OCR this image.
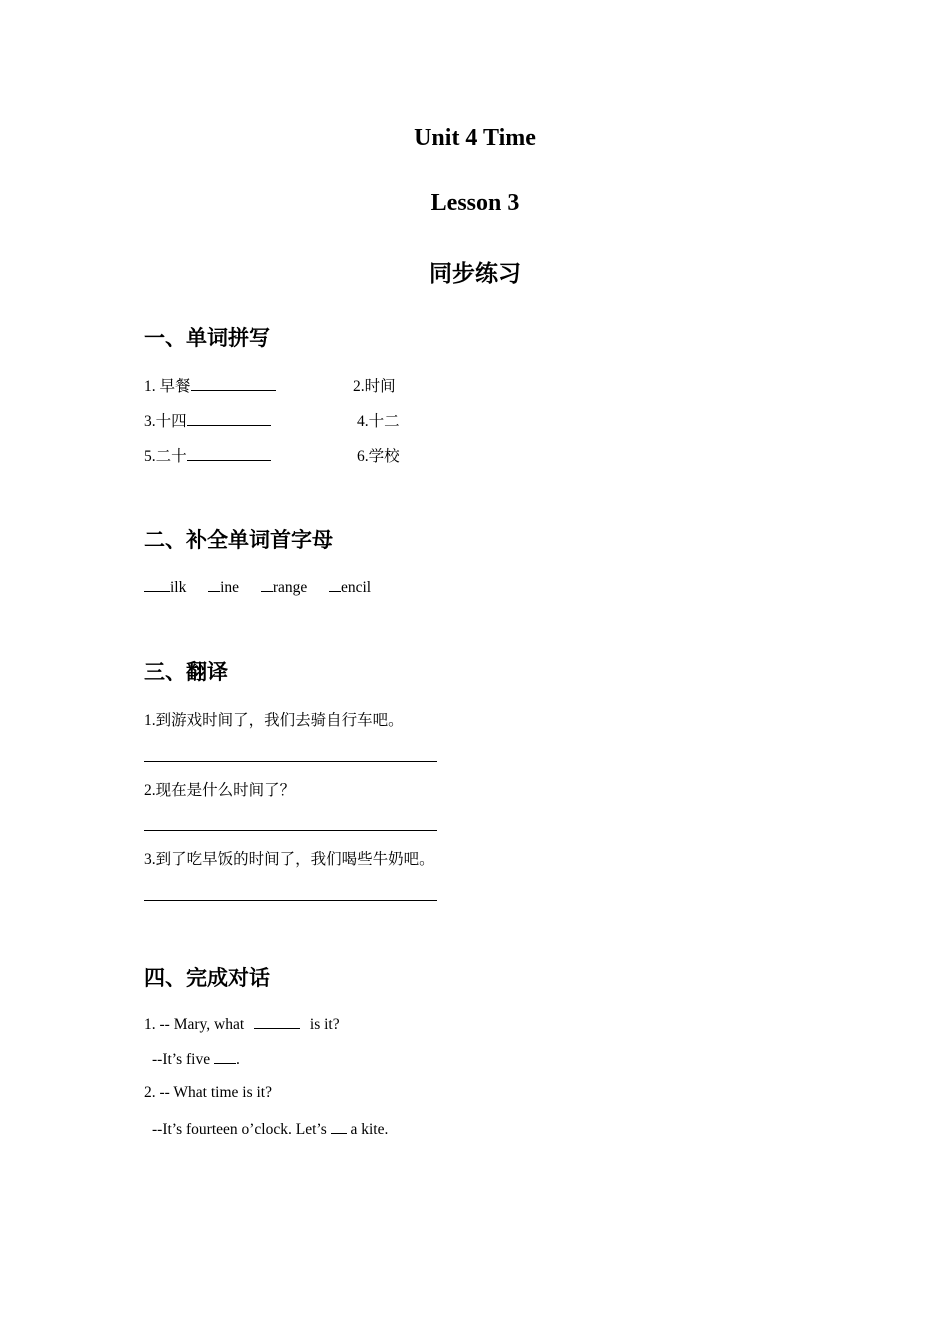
Unit 4 Time
Lesson 3
同步练习
一、单词拼写
1. 早餐	2.时间
3.十四	4.十二
5.二十	6.学校
二、补全单词首字母
ilk ine range encil
三、翻译
1.到游戏时间了，我们去骑自行车吧。
2.现在是什么时间了？
3.到了吃早饭的时间了，我们喝些牛奶吧。
四、完成对话
1. -- Mary, what	is it?
--It’s five .
2. -- What time is it?
--It’s fourteen o’clock. Let’s a kite.
